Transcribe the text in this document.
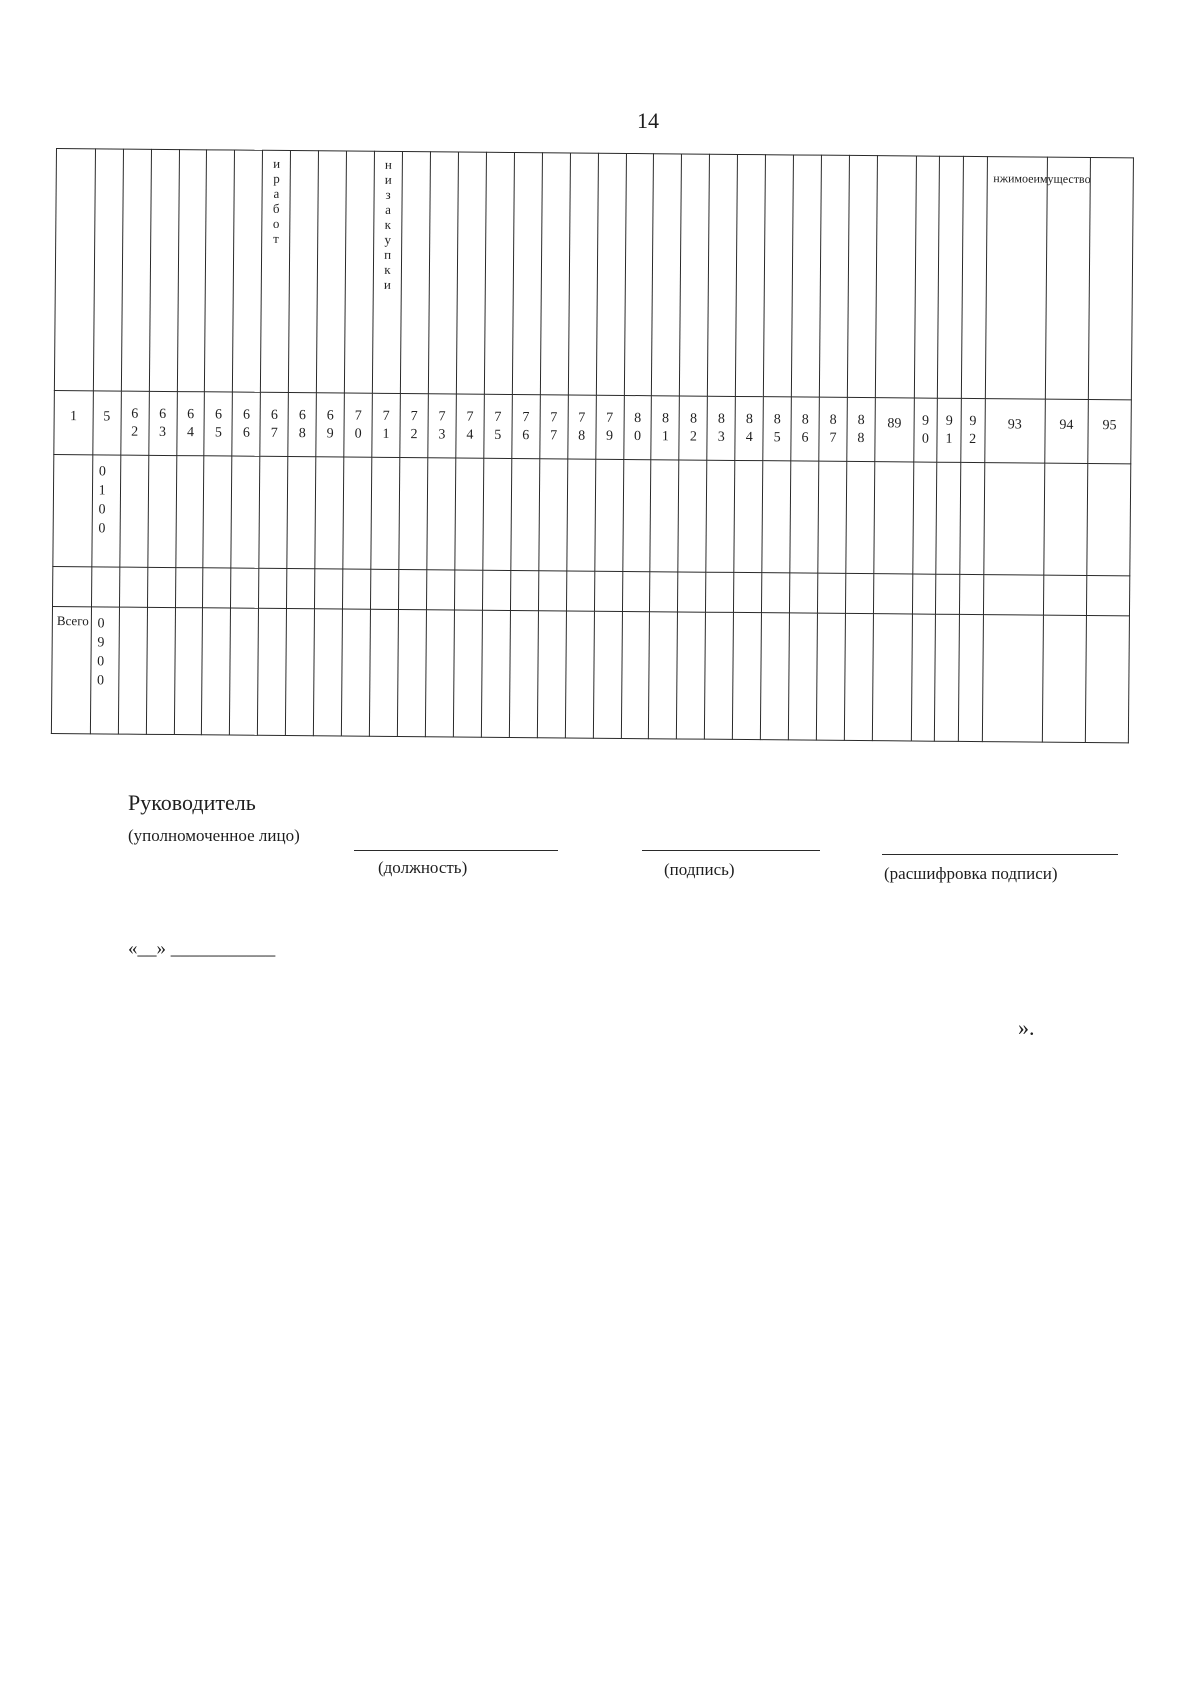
14

							иработ				низакупки																						нжимоеимуществo		

1	5	62	63	64	65	66	67	68	69	70	71	72	73	74	75	76	77	78	79	80	81	82	83	84	85	86	87	88	89	90	91	92	93	94	95

	0100																																		

Всего	0900																																		

Руководитель
(уполномоченное лицо)
(должность)	(подпись)	(расшифровка подписи)
«__» ___________
».
